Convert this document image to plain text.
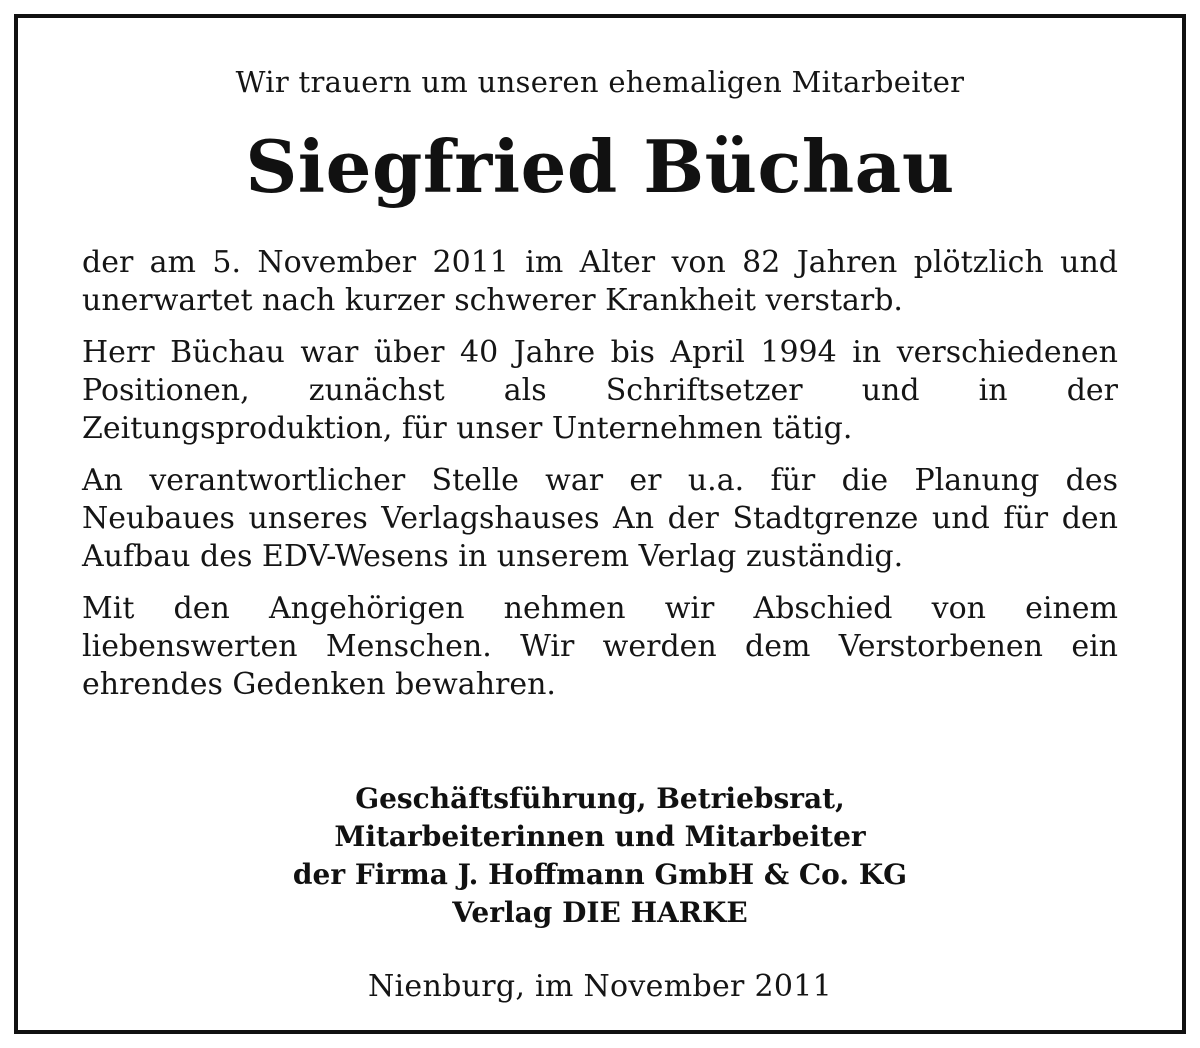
Wir trauern um unseren ehemaligen Mitarbeiter
Siegfried Büchau

der am 5. November 2011 im Alter von 82 Jahren plötzlich und unerwartet nach kurzer schwerer Krankheit verstarb.

Herr Büchau war über 40 Jahre bis April 1994 in verschiedenen Positionen, zunächst als Schriftsetzer und in der Zeitungsproduktion, für unser Unternehmen tätig.

An verantwortlicher Stelle war er u.a. für die Planung des Neubaues unseres Verlagshauses An der Stadtgrenze und für den Aufbau des EDV-Wesens in unserem Verlag zuständig.

Mit den Angehörigen nehmen wir Abschied von einem liebenswerten Menschen. Wir werden dem Verstorbenen ein ehrendes Gedenken bewahren.

Geschäftsführung, Betriebsrat,
Mitarbeiterinnen und Mitarbeiter
der Firma J. Hoffmann GmbH & Co. KG
Verlag DIE HARKE
Nienburg, im November 2011
